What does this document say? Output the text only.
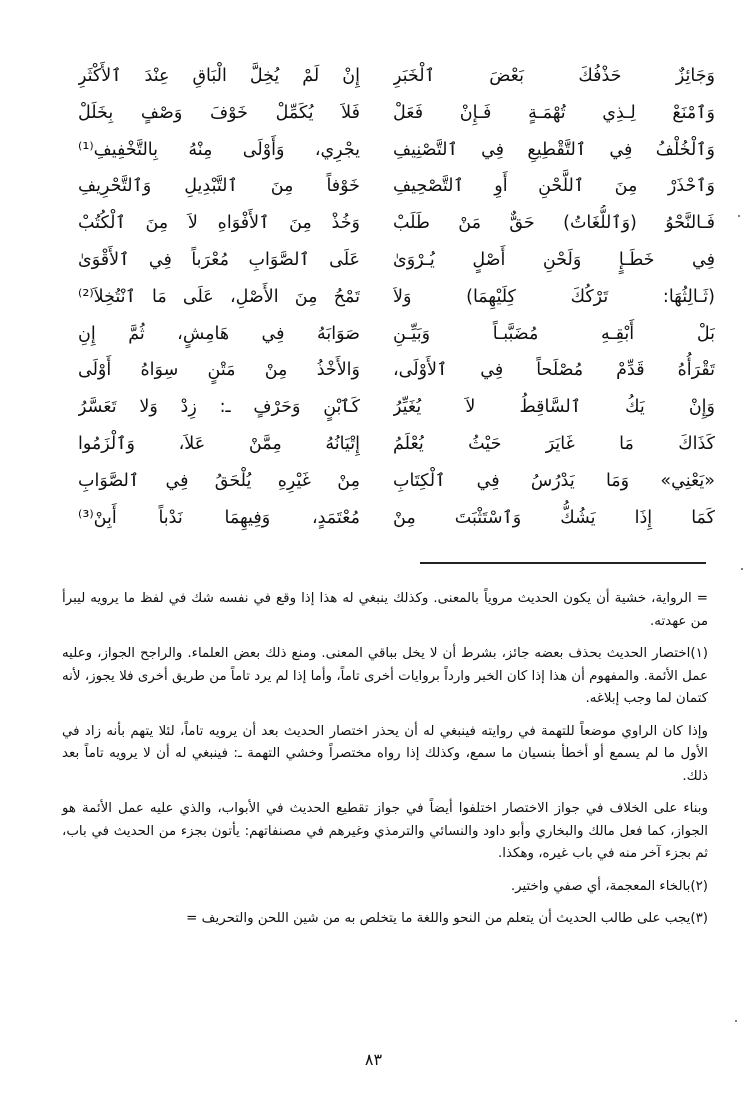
وَجَائِزٌ حَذْفُكَ بَعْضَ ٱلْخَبَرِ
وَٱمْنَعْ لِـذِي تُهْمَـةٍ فَـإِنْ فَعَلْ
وَٱلْخُلْفُ فِي ٱلتَّقْطِيعِ فِي ٱلتَّصْنِيفِ
وَٱحْذَرْ مِنَ ٱللَّحْنِ أَوِ ٱلتَّصْحِيفِ
فَـالنَّحْوُ (وَٱللُّغَاتُ) حَقٌّ مَنْ طَلَبْ
فِي خَطَـإٍ وَلَحْنِ أَصْلٍ يُـرْوَىٰ
(ثَـالِثُهَا: تَرْكُكَ كِلَيْهِمَا) وَلاَ
بَلْ أَبْقِـهِ مُضَبَّبـاً وَبَيِّـنِ
تَقْرَأُهُ قَدِّمْ مُصْلَحاً فِي ٱلأَوْلَى،
وَإِنْ يَكُ ٱلسَّاقِطُ لاَ يُغَيِّرُ
كَذَاكَ مَا غَايَرَ حَيْثُ يُعْلَمُ
«يَعْنِي» وَمَا يَدْرُسُ فِي ٱلْكِتَابِ
كَمَا إِذَا يَشُكُّ وَٱسْتَثْبَتَ مِنْ
إِنْ لَمْ يُخِلَّ الْبَاقِ عِنْدَ ٱلأَكْثَرِ
فَلاَ يُكَمِّلْ خَوْفَ وَصْفٍ بِخَلَلْ
يجْرِي، وَأَوْلَى مِنْهُ بِالتَّخْفِيفِ⁽¹⁾
خَوْفاً مِنَ ٱلتَّبْدِيلِ وَٱلتَّحْرِيفِ
وَخُذْ مِنَ ٱلأَفْوَاهِ لاَ مِنَ ٱلْكُتُبْ
عَلَى ٱلصَّوَابِ مُعْرَباً فِي ٱلأَقْوَىٰ
تَمْحُ مِنَ الأَصْلِ، عَلَى مَا ٱنْتُخِلاَ⁽²⁾
صَوَابَهُ فِي هَامِشٍ، ثُمَّ إِنِ
وَالأَخْذُ مِنْ مَتْنٍ سِوَاهُ أَوْلَى
كَٱبْنٍ وَحَرْفٍ ـ: زِدْ وَلا تَعَسَّرُ
إِتْيَانُهُ مِمَّنْ عَلاَ، وَٱلْزَمُوا
مِنْ غَيْرِهِ يُلْحَقُ فِي ٱلصَّوَابِ
مُعْتَمَدٍ، وَفِيهِمَا نَدْباً أَبِنْ⁽³⁾

= الرواية، خشية أن يكون الحديث مروياً بالمعنى. وكذلك ينبغي له هذا إذا وقع في نفسه شك في لفظ ما يرويه ليبرأ من عهدته.

(١)اختصار الحديث بحذف بعضه جائز، بشرط أن لا يخل بباقي المعنى. ومنع ذلك بعض العلماء. والراجح الجواز، وعليه عمل الأئمة. والمفهوم أن هذا إذا كان الخبر وارداً بروايات أخرى تاماً، وأما إذا لم يرد تاماً من طريق أخرى فلا يجوز، لأنه كتمان لما وجب إبلاغه.

وإذا كان الراوي موضعاً للتهمة في روايته فينبغي له أن يحذر اختصار الحديث بعد أن يرويه تاماً، لئلا يتهم بأنه زاد في الأول ما لم يسمع أو أخطأ بنسيان ما سمع، وكذلك إذا رواه مختصراً وخشي التهمة ـ: فينبغي له أن لا يرويه تاماً بعد ذلك.

وبناء على الخلاف في جواز الاختصار اختلفوا أيضاً في جواز تقطيع الحديث في الأبواب، والذي عليه عمل الأئمة هو الجواز، كما فعل مالك والبخاري وأبو داود والنسائي والترمذي وغيرهم في مصنفاتهم: يأتون بجزء من الحديث في باب، ثم بجزء آخر منه في باب غيره، وهكذا.

(٢)بالخاء المعجمة، أي صفي واختير.

(٣)يجب على طالب الحديث أن يتعلم من النحو واللغة ما يتخلص به من شين اللحن والتحريف =

٨٣
